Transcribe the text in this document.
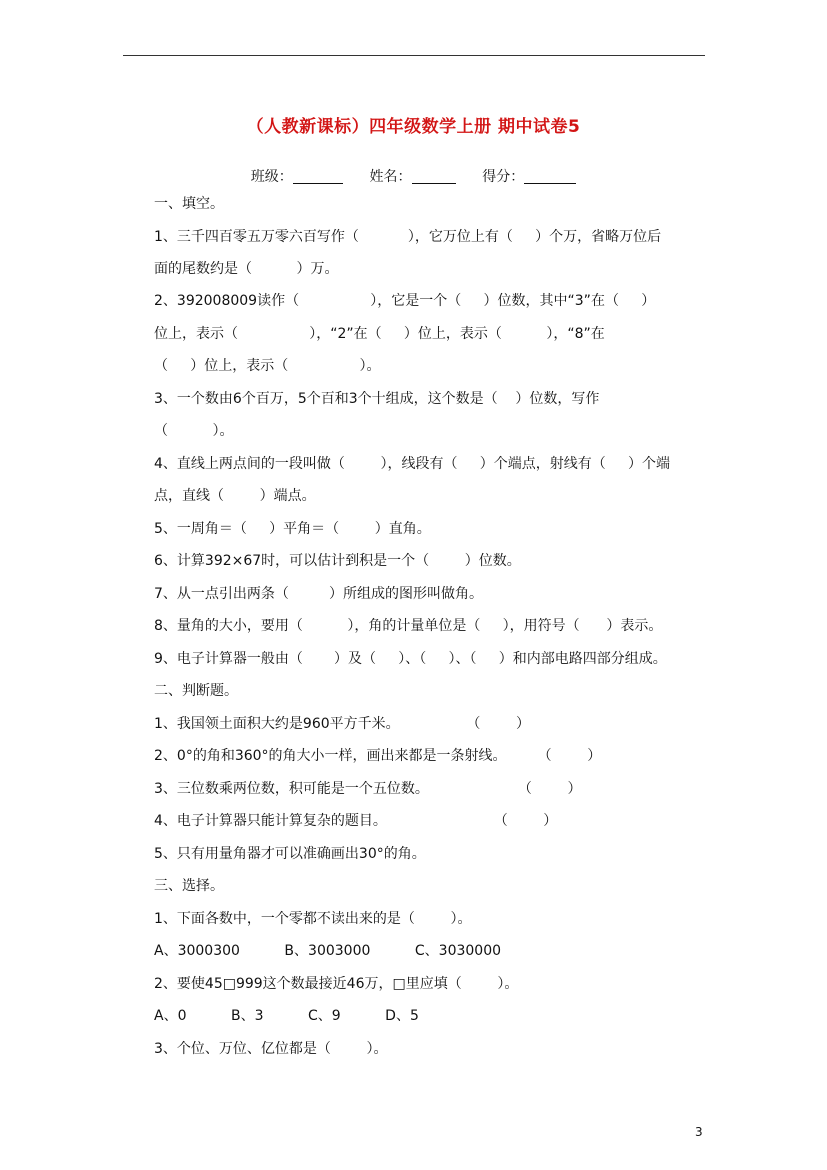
（人教新课标）四年级数学上册 期中试卷5
班级：	姓名：	得分：
一、填空。
1、三千四百零五万零六百写作（           ），它万位上有（     ）个万，省略万位后
面的尾数约是（          ）万。
2、392008009读作（                ），它是一个（     ）位数，其中“3”在（     ）
位上，表示（                ），“2”在（     ）位上，表示（          ），“8”在
（     ）位上，表示（                ）。
3、一个数由6个百万，5个百和3个十组成，这个数是（    ）位数，写作
（          ）。
4、直线上两点间的一段叫做（        ），线段有（     ）个端点，射线有（     ）个端
点，直线（        ）端点。
5、一周角＝（     ）平角＝（        ）直角。
6、计算392×67时，可以估计到积是一个（        ）位数。
7、从一点引出两条（         ）所组成的图形叫做角。
8、量角的大小，要用（          ），角的计量单位是（     ），用符号（      ）表示。
9、电子计算器一般由（       ）及（     ）、（     ）、（     ）和内部电路四部分组成。
二、判断题。
1、我国领土面积大约是960平方千米。               （        ）
2、0°的角和360°的角大小一样，画出来都是一条射线。       （        ）
3、三位数乘两位数，积可能是一个五位数。                    （        ）
4、电子计算器只能计算复杂的题目。                        （        ）
5、只有用量角器才可以准确画出30°的角。
三、选择。
1、下面各数中，一个零都不读出来的是（        ）。
A、3000300          B、3003000          C、3030000
2、要使45□999这个数最接近46万，□里应填（        ）。
A、0          B、3          C、9          D、5
3、个位、万位、亿位都是（        ）。
3
